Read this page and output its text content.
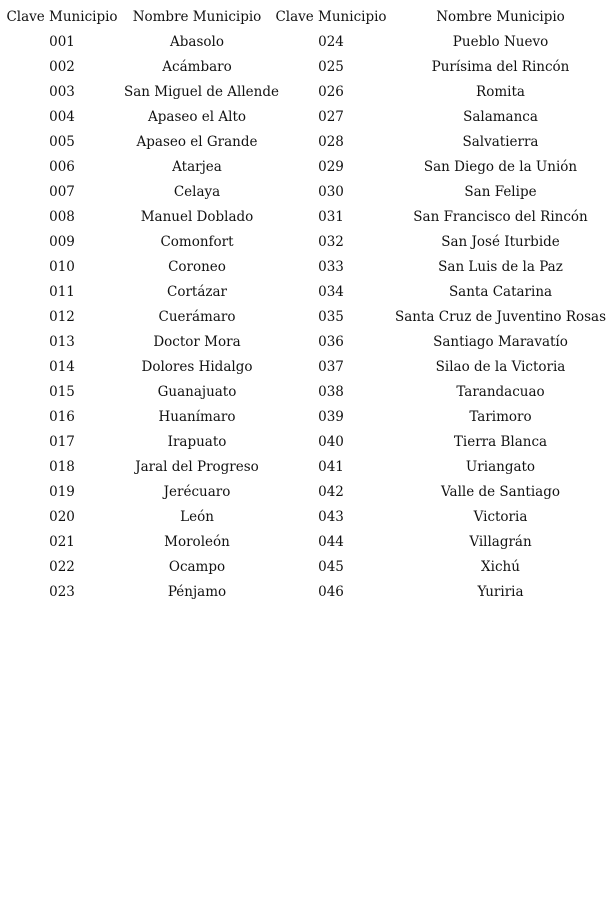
Clave Municipio	Nombre Municipio	Clave Municipio	Nombre Municipio
001	Abasolo	024	Pueblo Nuevo
002	Acámbaro	025	Purísima del Rincón
003	San Miguel de Allende	026	Romita
004	Apaseo el Alto	027	Salamanca
005	Apaseo el Grande	028	Salvatierra
006	Atarjea	029	San Diego de la Unión
007	Celaya	030	San Felipe
008	Manuel Doblado	031	San Francisco del Rincón
009	Comonfort	032	San José Iturbide
010	Coroneo	033	San Luis de la Paz
011	Cortázar	034	Santa Catarina
012	Cuerámaro	035	Santa Cruz de Juventino Rosas
013	Doctor Mora	036	Santiago Maravatío
014	Dolores Hidalgo	037	Silao de la Victoria
015	Guanajuato	038	Tarandacuao
016	Huanímaro	039	Tarimoro
017	Irapuato	040	Tierra Blanca
018	Jaral del Progreso	041	Uriangato
019	Jerécuaro	042	Valle de Santiago
020	León	043	Victoria
021	Moroleón	044	Villagrán
022	Ocampo	045	Xichú
023	Pénjamo	046	Yuriria
